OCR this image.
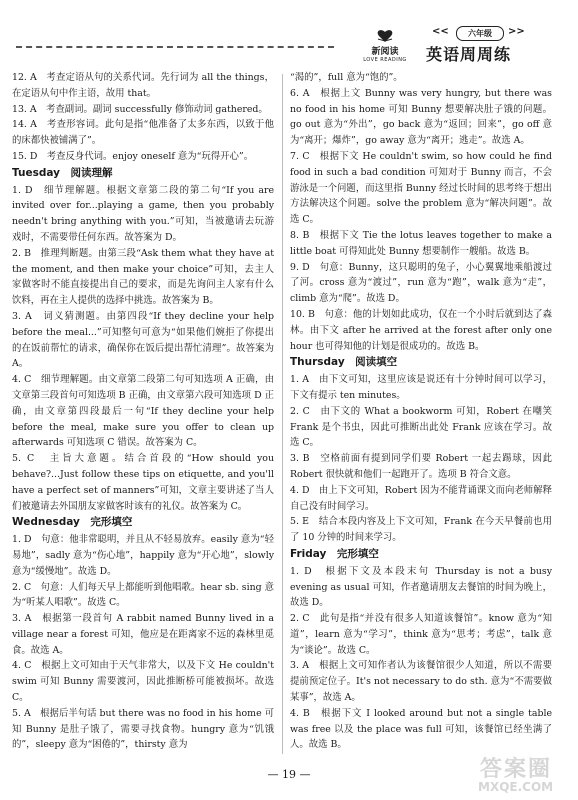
新阅读
LOVE READING
<<	六年级	>>
英语周周练
12. A　考查定语从句的关系代词。先行词为 all the things，在定语从句中作主语，故用 that。
13. A　考查副词。副词 successfully 修饰动词 gathered。
14. A　考查形容词。此句是指“他准备了太多东西，以致于他的床都快被铺满了”。
15. D　考查反身代词。enjoy oneself 意为“玩得开心”。
Tuesday　阅读理解
1. D　细节理解题。根据文章第二段的第二句“If you are invited over for...playing a game, then you probably needn't bring anything with you.”可知，当被邀请去玩游戏时，不需要带任何东西。故答案为 D。
2. B　推理判断题。由第三段“Ask them what they have at the moment, and then make your choice”可知，去主人家做客时不能直接提出自己的要求，而是先询问主人家有什么饮料，再在主人提供的选择中挑选。故答案为 B。
3. A　词义猜测题。由第四段“If they decline your help before the meal...”可知整句可意为“如果他们婉拒了你提出的在饭前帮忙的请求，确保你在饭后提出帮忙清理”。故答案为 A。
4. C　细节理解题。由文章第二段第二句可知选项 A 正确，由文章第三段首句可知选项 B 正确，由文章第六段可知选项 D 正确，由文章第四段最后一句“If they decline your help before the meal, make sure you offer to clean up afterwards 可知选项 C 错误。故答案为 C。
5. C　主旨大意题。结合首段的“How should you behave?...Just follow these tips on etiquette, and you'll have a perfect set of manners”可知，文章主要讲述了当人们被邀请去外国朋友家做客时该有的礼仪。故答案为 C。
Wednesday　完形填空
1. D　句意：他非常聪明，并且从不轻易放弃。easily 意为“轻易地”，sadly 意为“伤心地”，happily 意为“开心地”，slowly 意为“缓慢地”。故选 D。
2. C　句意：人们每天早上都能听到他唱歌。hear sb. sing 意为“听某人唱歌”。故选 C。
3. A　根据第一段首句 A rabbit named Bunny lived in a village near a forest 可知，他应是在距离家不远的森林里觅食。故选 A。
4. C　根据上文可知由于天气非常大，以及下文 He couldn't swim 可知 Bunny 需要渡河，因此推断桥可能被损坏。故选 C。
5. A　根据后半句话 but there was no food in his home 可知 Bunny 是肚子饿了，需要寻找食物。hungry 意为“饥饿的”，sleepy 意为“困倦的”，thirsty 意为
“渴的”，full 意为“饱的”。
6. A　根据上文 Bunny was very hungry, but there was no food in his home 可知 Bunny 想要解决肚子饿的问题。go out 意为“外出”，go back 意为“返回；回来”，go off 意为“离开；爆炸”，go away 意为“离开；逃走”。故选 A。
7. C　根据下文 He couldn't swim, so how could he find food in such a bad condition 可知对于 Bunny 而言，不会游泳是一个问题，而这里指 Bunny 经过长时间的思考终于想出方法解决这个问题。solve the problem 意为“解决问题”。故选 C。
8. B　根据下文 Tie the lotus leaves together to make a little boat 可得知此处 Bunny 想要制作一艘船。故选 B。
9. D　句意：Bunny，这只聪明的兔子，小心翼翼地乘船渡过了河。cross 意为“渡过”，run 意为“跑”，walk 意为“走”，climb 意为“爬”。故选 D。
10. B　句意：他的计划如此成功，仅在一个小时后就到达了森林。由下文 after he arrived at the forest after only one hour 也可得知他的计划是很成功的。故选 B。
Thursday　阅读填空
1. A　由下文可知，这里应该是说还有十分钟时间可以学习，下文有提示 ten minutes。
2. C　由下文的 What a bookworm 可知，Robert 在嘲笑 Frank 是个书虫，因此可推断出此处 Frank 应该在学习。故选 C。
3. B　空格前面有提到同学们要 Robert 一起去踢球，因此 Robert 很快就和他们一起跑开了。选项 B 符合文意。
4. D　由上下文可知，Robert 因为不能背诵课文而向老师解释自己没有时间学习。
5. E　结合本段内容及上下文可知，Frank 在今天早餐前也用了 10 分钟的时间来学习。
Friday　完形填空
1. D　根据下文及本段末句 Thursday is not a busy evening as usual 可知，作者邀请朋友去餐馆的时间为晚上，故选 D。
2. C　此句是指“并没有很多人知道该餐馆”。know 意为“知道”，learn 意为“学习”，think 意为“思考；考虑”，talk 意为“谈论”。故选 C。
3. A　根据上文可知作者认为该餐馆很少人知道，所以不需要提前预定位子。It's not necessary to do sth. 意为“不需要做某事”，故选 A。
4. B　根据下文 I looked around but not a single table was free 以及 the place was full 可知，该餐馆已经坐满了人。故选 B。
— 19 —	答案圈
MXQE.COM
